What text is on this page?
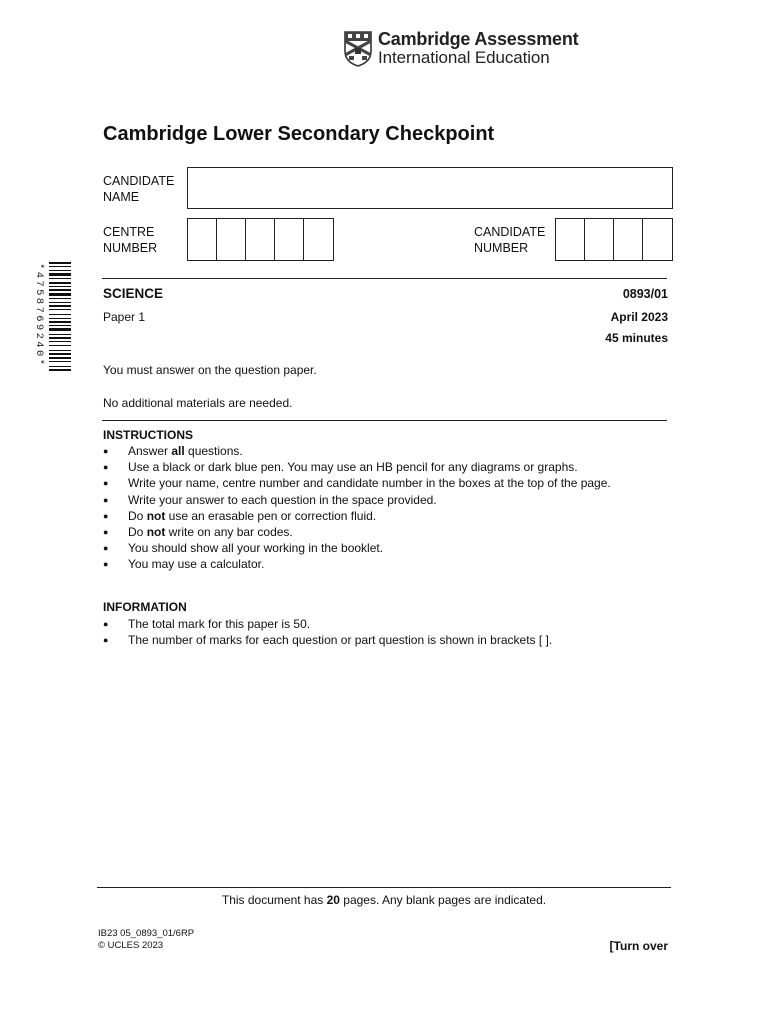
Cambridge Assessment
International Education
Cambridge Lower Secondary Checkpoint
CANDIDATE
NAME
CENTRE
NUMBER
CANDIDATE
NUMBER
*4758769240*	SCIENCE	0893/01
Paper 1	April 2023
45 minutes
You must answer on the question paper.
No additional materials are needed.
INSTRUCTIONS
● Answer all questions.
● Use a black or dark blue pen. You may use an HB pencil for any diagrams or graphs.
● Write your name, centre number and candidate number in the boxes at the top of the page.
● Write your answer to each question in the space provided.
● Do not use an erasable pen or correction fluid.
● Do not write on any bar codes.
● You should show all your working in the booklet.
● You may use a calculator.
INFORMATION
● The total mark for this paper is 50.
● The number of marks for each question or part question is shown in brackets [ ].
This document has 20 pages. Any blank pages are indicated.
IB23 05_0893_01/6RP
© UCLES 2023	[Turn over
